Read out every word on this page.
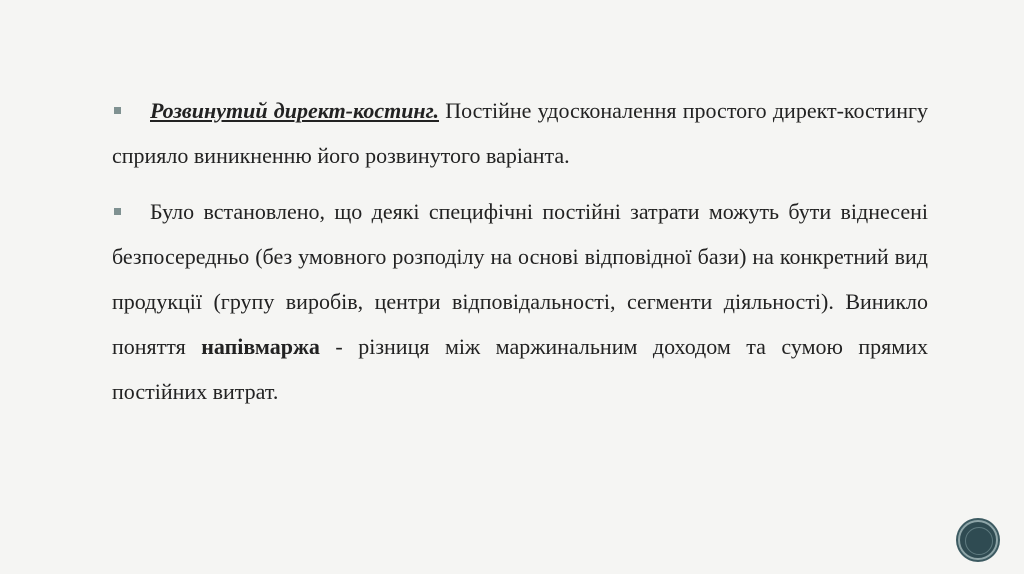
Розвинутий директ-костинг. Постійне удосконалення простого директ-костингу сприяло виникненню його розвинутого варіанта.

Було встановлено, що деякі специфічні постійні затрати можуть бути віднесені безпосередньо (без умовного розподілу на основі відповідної бази) на конкретний вид продукції (групу виробів, центри відповідальності, сегменти діяльності). Виникло поняття напівмаржа - різниця між маржинальним доходом та сумою прямих постійних витрат.
